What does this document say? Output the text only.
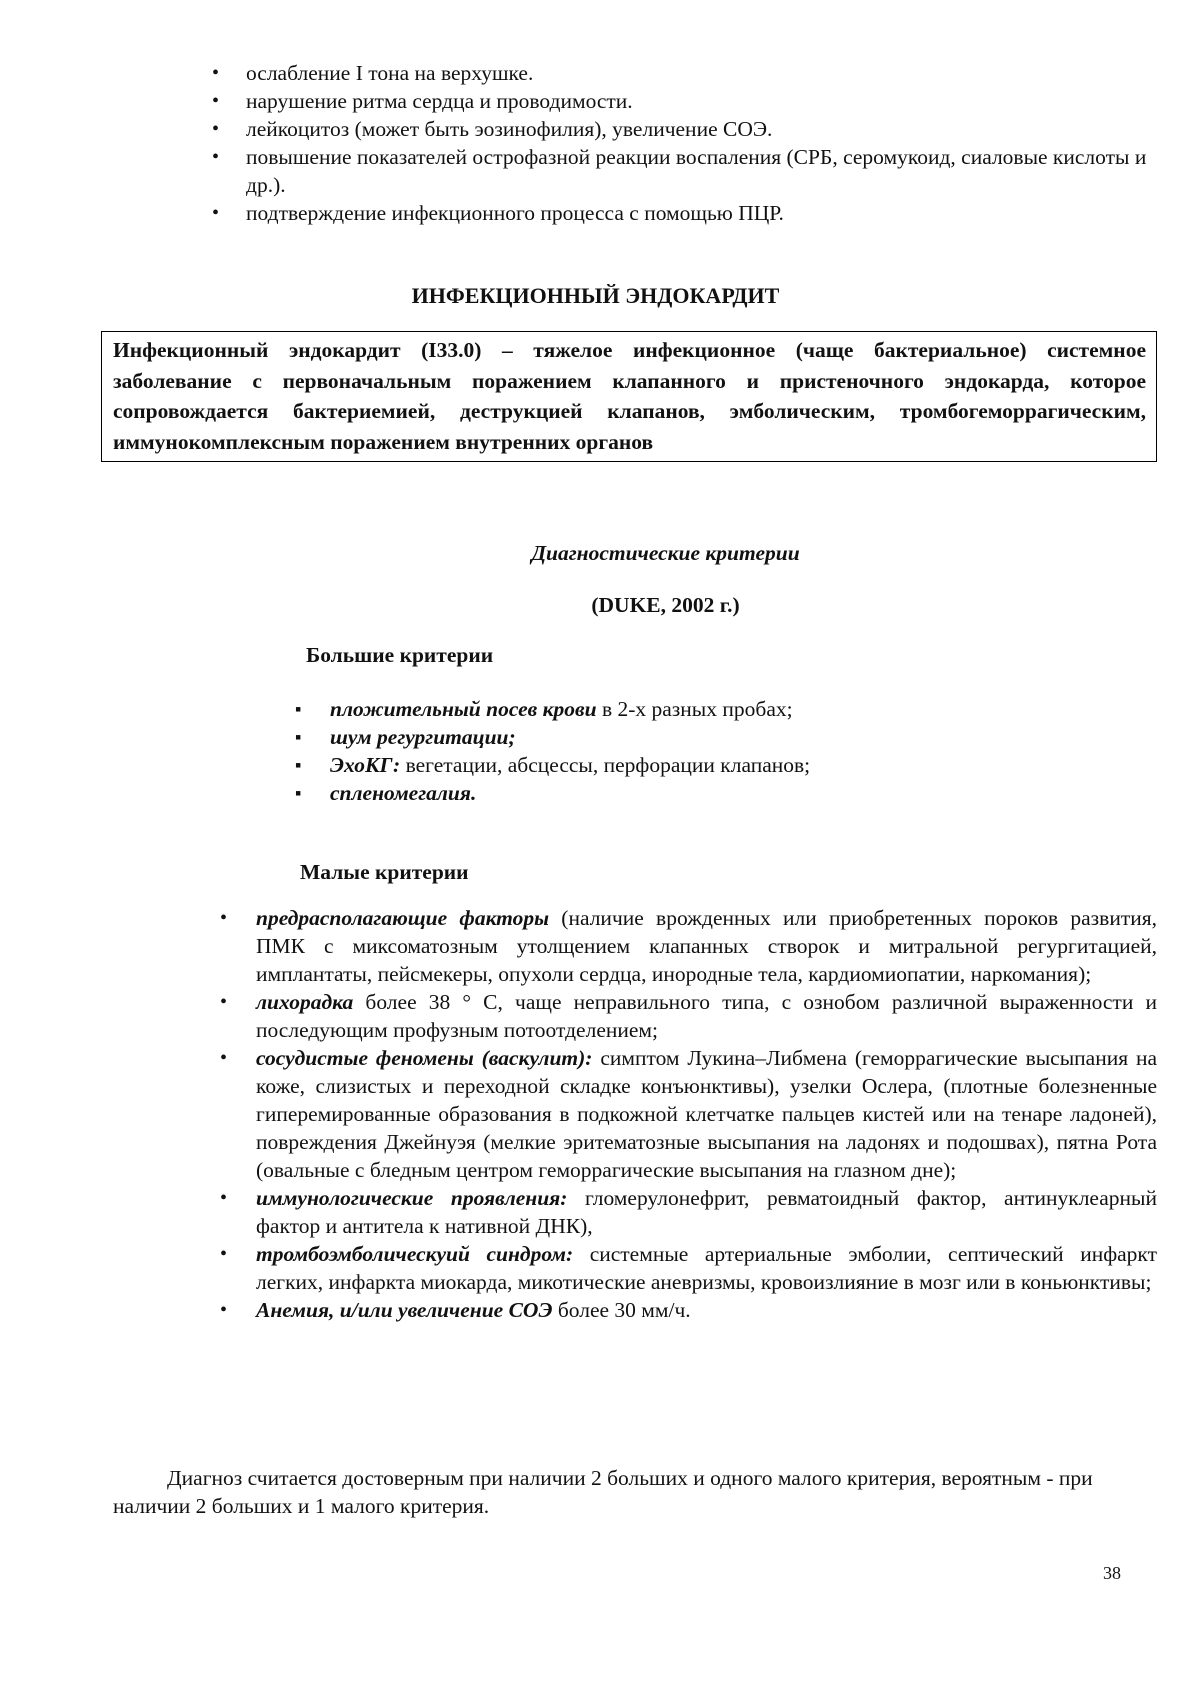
• ослабление I тона на верхушке.
• нарушение ритма сердца и проводимости.
• лейкоцитоз (может быть эозинофилия), увеличение СОЭ.
• повышение показателей острофазной реакции воспаления (СРБ, серомукоид, сиаловые кислоты и др.).
• подтверждение инфекционного процесса с помощью ПЦР.
ИНФЕКЦИОННЫЙ ЭНДОКАРДИТ
Инфекционный эндокардит (I33.0) – тяжелое инфекционное (чаще бактериальное) системное заболевание с первоначальным поражением клапанного и пристеночного эндокарда, которое сопровождается бактериемией, деструкцией клапанов, эмболическим, тромбогеморрагическим, иммунокомплексным поражением внутренних органов
Диагностические критерии
(DUKE, 2002 г.)
Большие критерии
▪ пложительный посев крови в 2-х разных пробах;
▪ шум регургитации;
▪ ЭхоКГ: вегетации, абсцессы, перфорации клапанов;
▪ спленомегалия.
Малые критерии
• предрасполагающие факторы (наличие врожденных или приобретенных пороков развития, ПМК с миксоматозным утолщением клапанных створок и митральной регургитацией, имплантаты, пейсмекеры, опухоли сердца, инородные тела, кардиомиопатии, наркомания);
• лихорадка более 38 ° С, чаще неправильного типа, с ознобом различной выраженности и последующим профузным потоотделением;
• сосудистые феномены (васкулит): симптом Лукина–Либмена (геморрагические высыпания на коже, слизистых и переходной складке конъюнктивы), узелки Ослера, (плотные болезненные гиперемированные образования в подкожной клетчатке пальцев кистей или на тенаре ладоней), повреждения Джейнуэя (мелкие эритематозные высыпания на ладонях и подошвах), пятна Рота (овальные с бледным центром геморрагические высыпания на глазном дне);
• иммунологические проявления: гломерулонефрит, ревматоидный фактор, антинуклеарный фактор и антитела к нативной ДНК),
• тромбоэмболическуий синдром: системные артериальные эмболии, септический инфаркт легких, инфаркта миокарда, микотические аневризмы, кровоизлияние в мозг или в коньюнктивы;
• Анемия, и/или увеличение СОЭ более 30 мм/ч.
Диагноз считается достоверным при наличии 2 больших и одного малого критерия, вероятным - при наличии 2 больших и 1 малого критерия.
38
